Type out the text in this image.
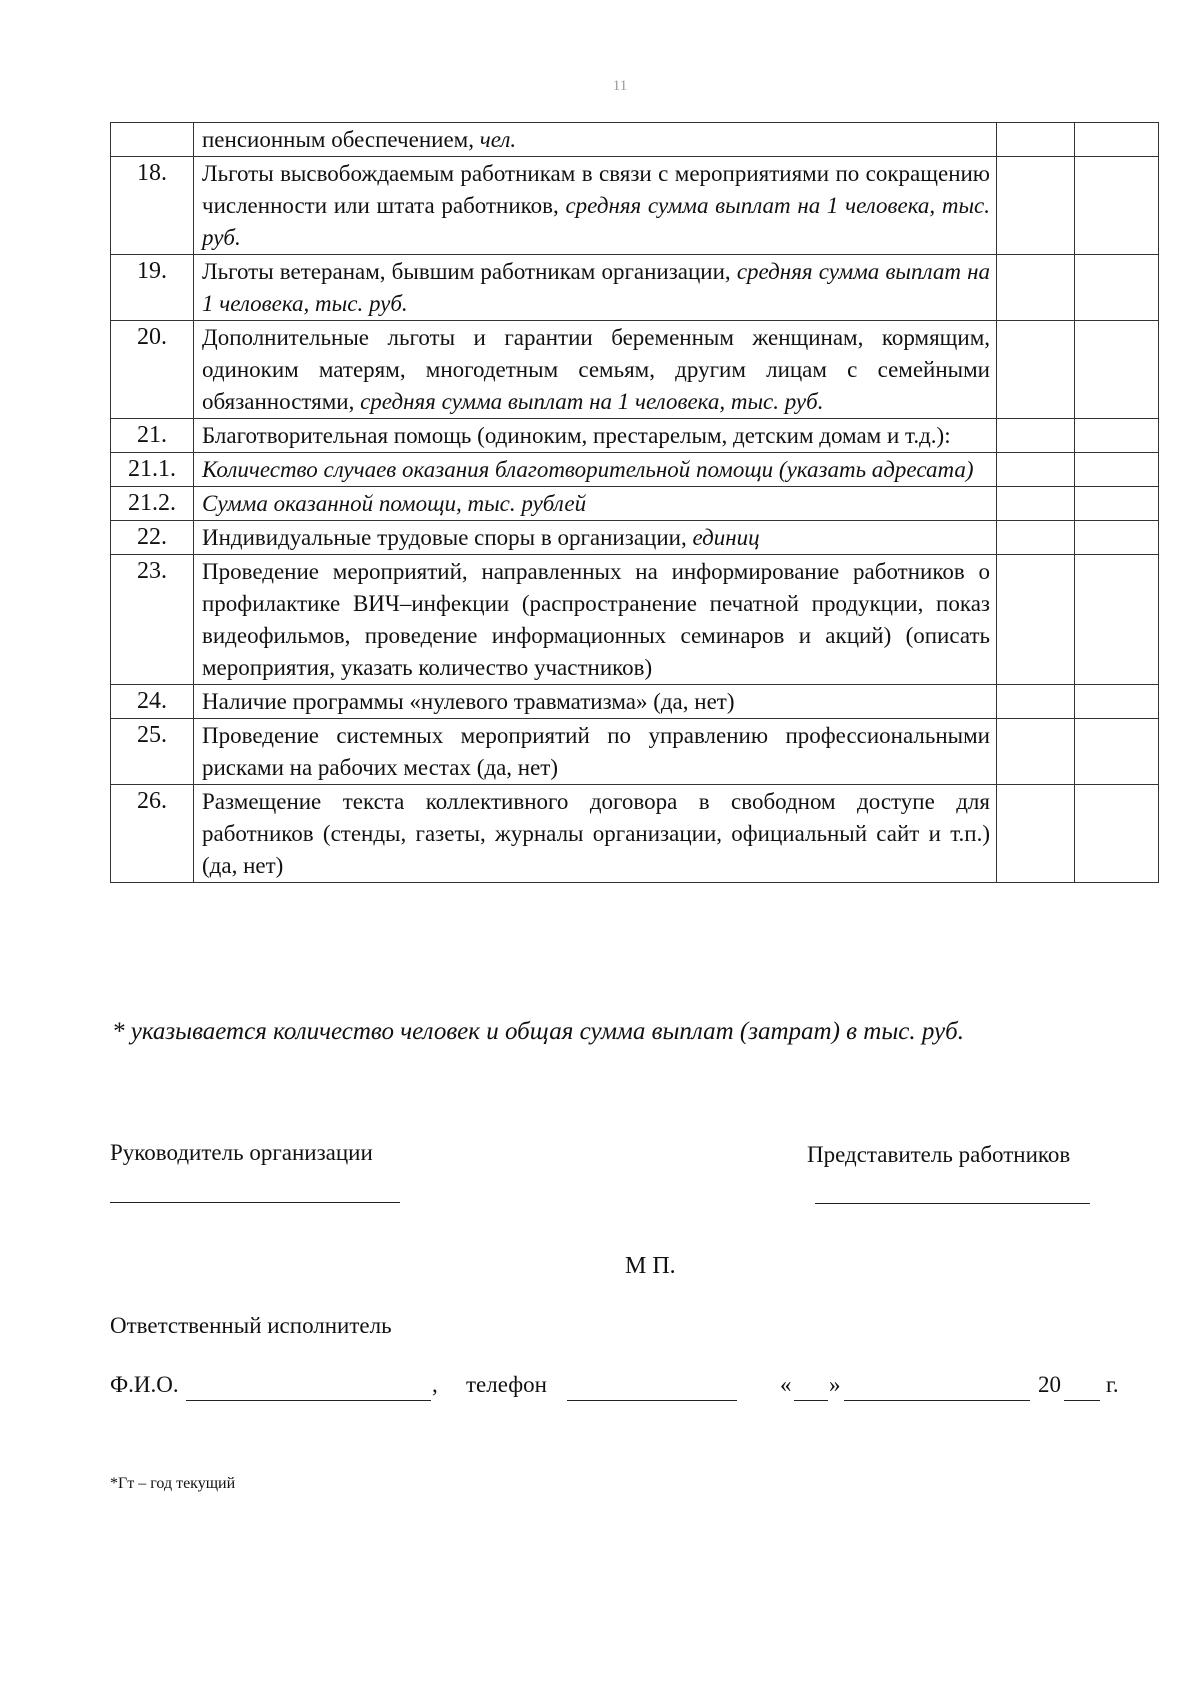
11
	пенсионным обеспечением, чел.		
18.	Льготы высвобождаемым работникам в связи с мероприятиями по сокращению численности или штата работников, средняя сумма выплат на 1 человека, тыс. руб.		
19.	Льготы ветеранам, бывшим работникам организации, средняя сумма выплат на 1 человека, тыс. руб.		
20.	Дополнительные льготы и гарантии беременным женщинам, кормящим, одиноким матерям, многодетным семьям, другим лицам с семейными обязанностями, средняя сумма выплат на 1 человека, тыс. руб.		
21.	Благотворительная помощь (одиноким, престарелым, детским домам и т.д.):		
21.1.	Количество случаев оказания благотворительной помощи (указать адресата)		
21.2.	Сумма оказанной помощи, тыс. рублей		
22.	Индивидуальные трудовые споры в организации, единиц		
23.	Проведение мероприятий, направленных на информирование работников о профилактике ВИЧ–инфекции (распространение печатной продукции, показ видеофильмов, проведение информационных семинаров и акций) (описать мероприятия, указать количество участников)		
24.	Наличие программы «нулевого травматизма» (да, нет)		
25.	Проведение системных мероприятий по управлению профессиональными рисками на рабочих местах (да, нет)		
26.	Размещение текста коллективного договора в свободном доступе для работников (стенды, газеты, журналы организации, официальный сайт и т.п.) (да, нет)		
* указывается количество человек и общая сумма выплат (затрат) в тыс. руб.
Руководитель организации	Представитель работников
М П.
Ответственный исполнитель
Ф.И.О.	, телефон	« »	20 г.
*Гт – год текущий
